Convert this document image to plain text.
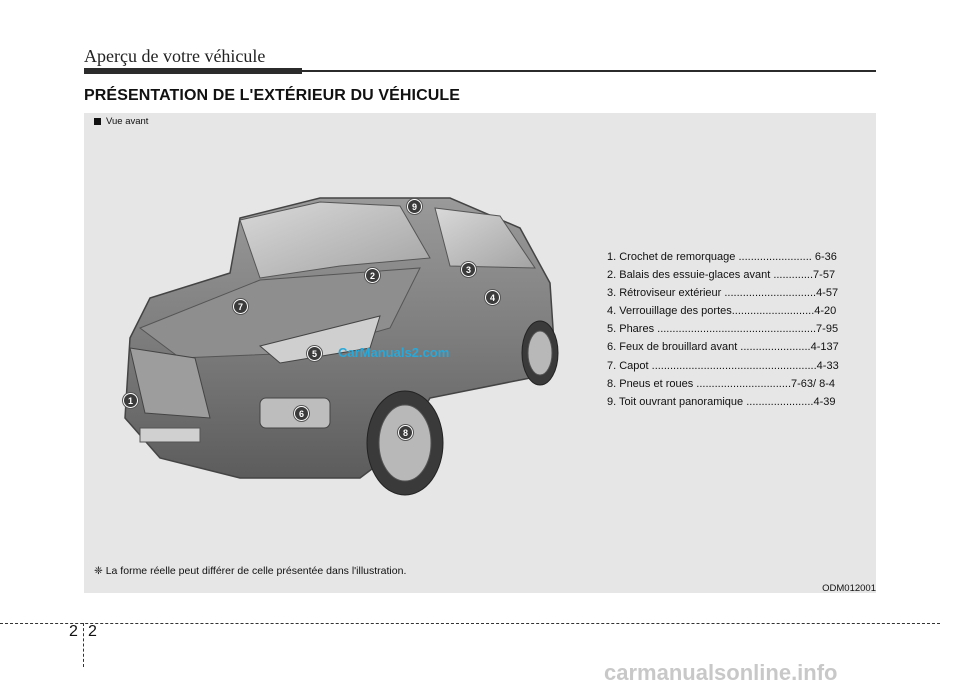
Aperçu de votre véhicule
PRÉSENTATION DE L'EXTÉRIEUR DU VÉHICULE
Vue avant
9
3
2
4
7
5
1
6
8
CarManuals2.com
1. Crochet de remorquage ........................ 6-36
2. Balais des essuie-glaces avant .............7-57
3. Rétroviseur extérieur ..............................4-57
4. Verrouillage des portes...........................4-20
5. Phares ....................................................7-95
6. Feux de brouillard avant .......................4-137
7. Capot ......................................................4-33
8. Pneus et roues ...............................7-63/ 8-4
9. Toit ouvrant panoramique ......................4-39
❈ La forme réelle peut différer de celle présentée dans l'illustration.
ODM012001
2 2
carmanualsonline.info
